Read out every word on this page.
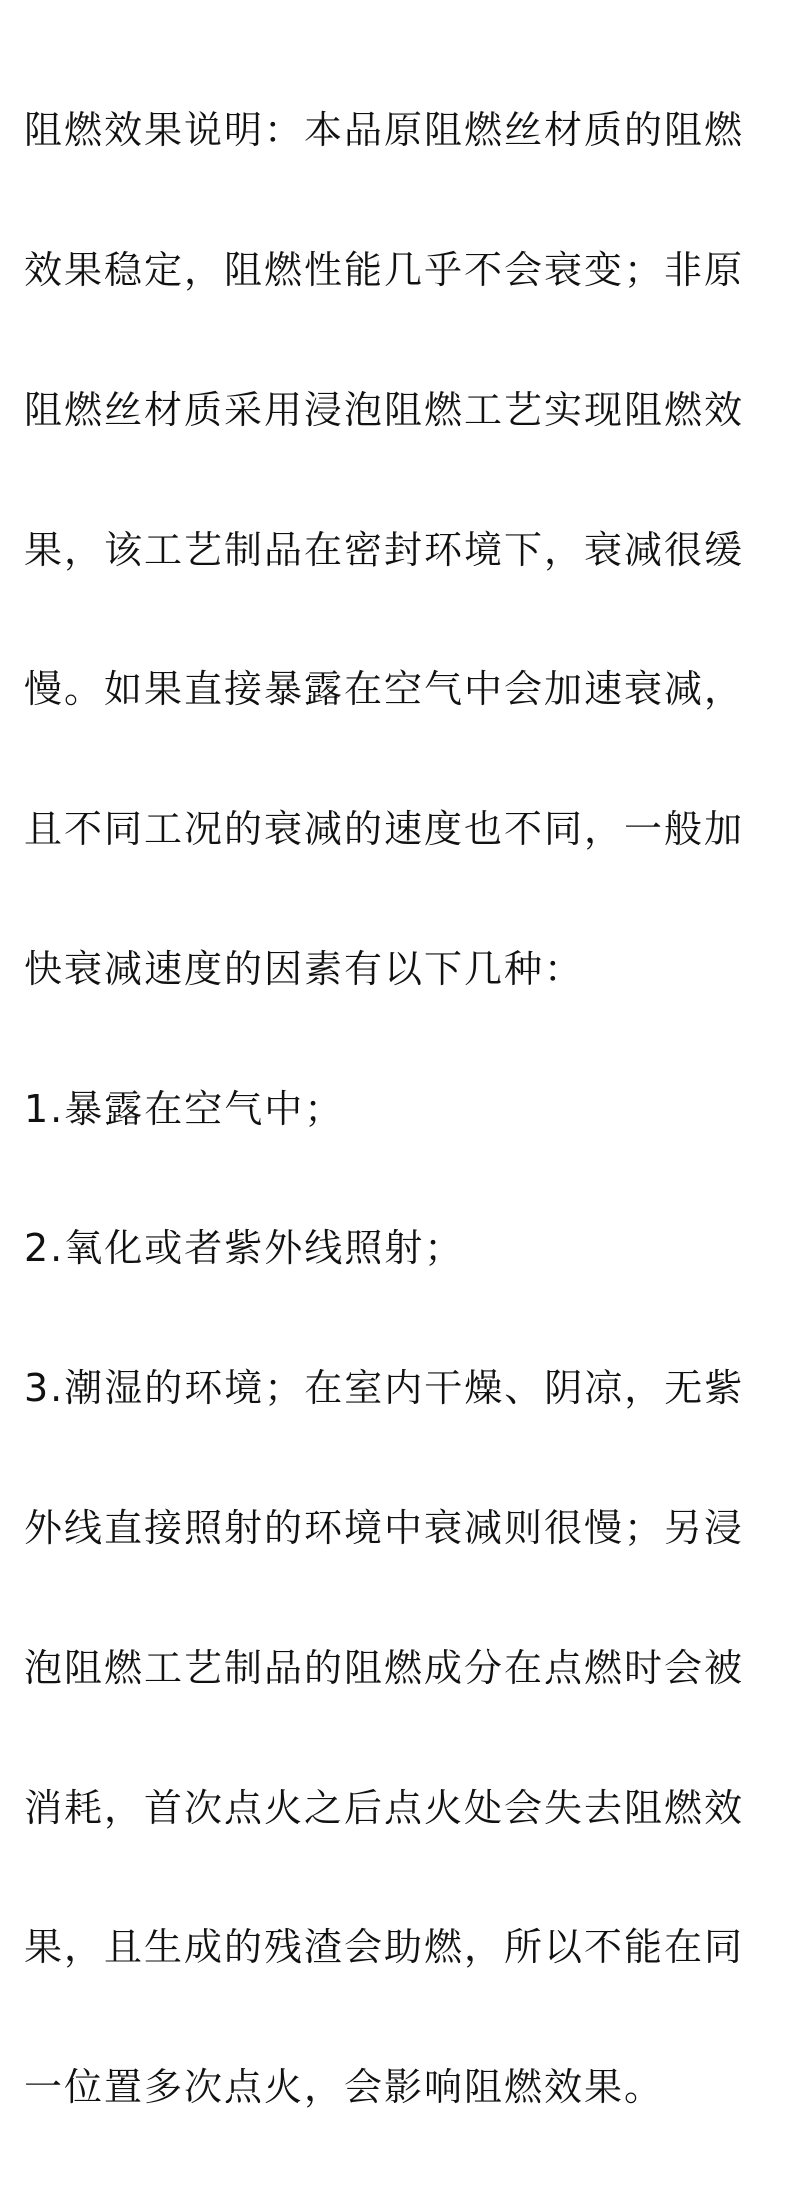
阻燃效果说明：本品原阻燃丝材质的阻燃

效果稳定，阻燃性能几乎不会衰变；非原

阻燃丝材质采用浸泡阻燃工艺实现阻燃效

果，该工艺制品在密封环境下，衰减很缓

慢。如果直接暴露在空气中会加速衰减，

且不同工况的衰减的速度也不同，一般加

快衰减速度的因素有以下几种：

1.暴露在空气中；

2.氧化或者紫外线照射；

3.潮湿的环境；在室内干燥、阴凉，无紫

外线直接照射的环境中衰减则很慢；另浸

泡阻燃工艺制品的阻燃成分在点燃时会被

消耗，首次点火之后点火处会失去阻燃效

果，且生成的残渣会助燃，所以不能在同

一位置多次点火，会影响阻燃效果。
